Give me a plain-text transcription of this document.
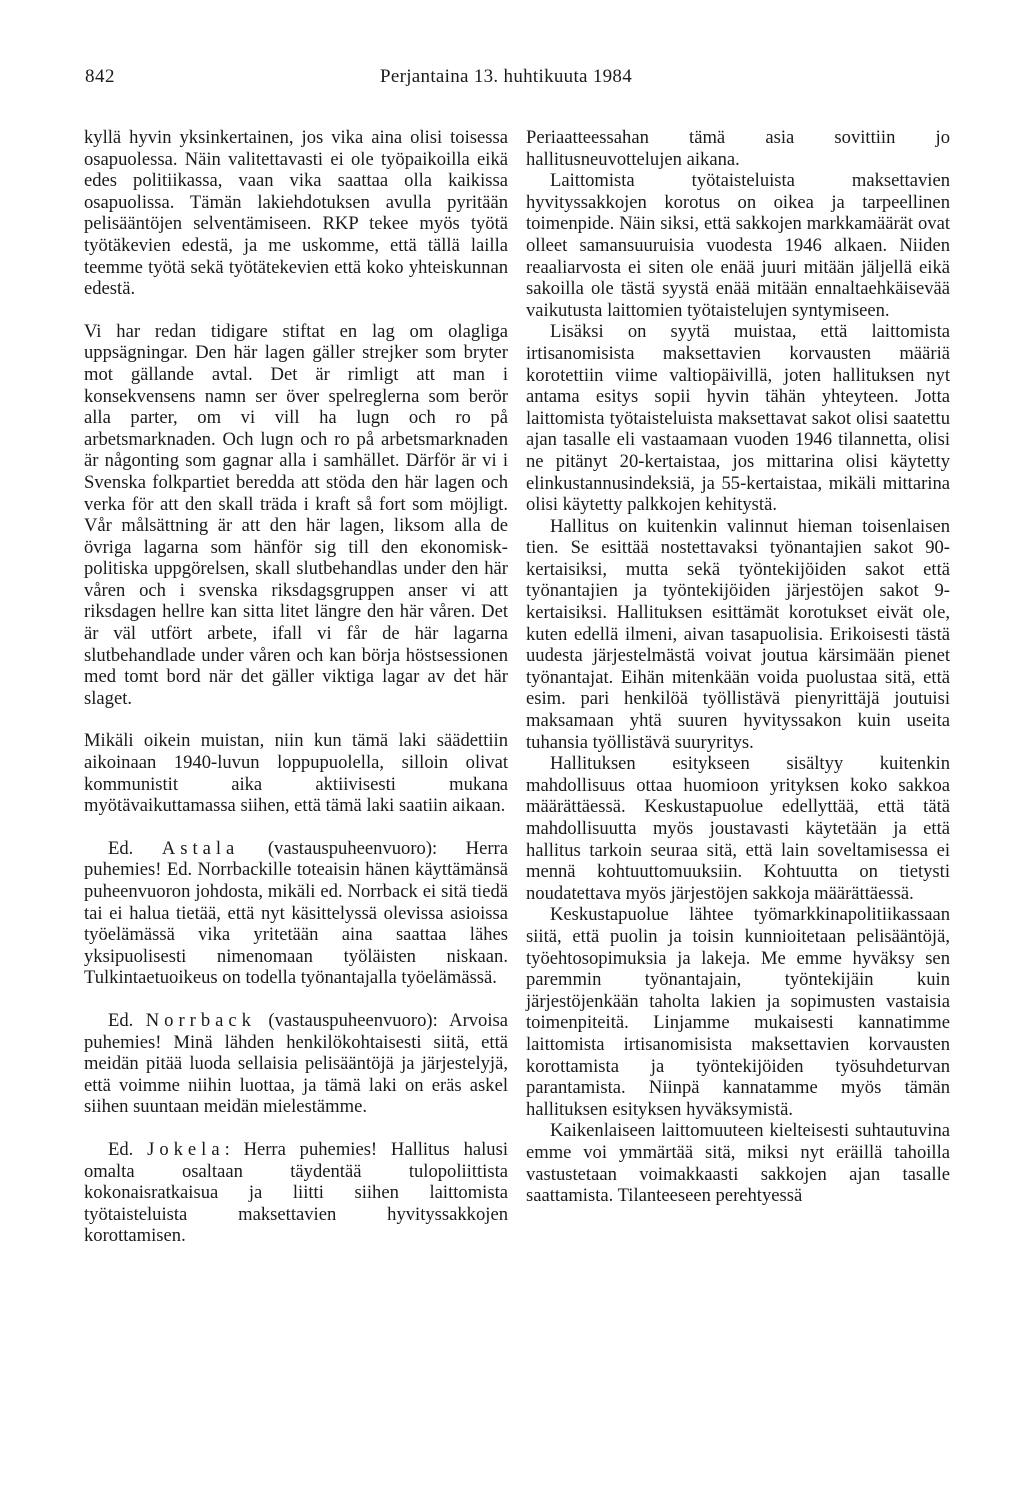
842	Perjantaina 13. huhtikuuta 1984

kyllä hyvin yksinkertainen, jos vika aina olisi toisessa osapuolessa. Näin valitettavasti ei ole työpaikoilla eikä edes politiikassa, vaan vika saattaa olla kaikissa osapuolissa. Tämän lakiehdotuksen avulla pyritään pelisääntöjen selventämiseen. RKP tekee myös työtä työtäkevien edestä, ja me uskomme, että tällä lailla teemme työtä sekä työtätekevien että koko yhteiskunnan edestä.

Vi har redan tidigare stiftat en lag om olagliga uppsägningar. Den här lagen gäller strejker som bryter mot gällande avtal. Det är rimligt att man i konsekvensens namn ser över spelreglerna som berör alla parter, om vi vill ha lugn och ro på arbetsmarknaden. Och lugn och ro på arbetsmarknaden är någonting som gagnar alla i samhället. Därför är vi i Svenska folkpartiet beredda att stöda den här lagen och verka för att den skall träda i kraft så fort som möjligt. Vår målsättning är att den här lagen, liksom alla de övriga lagarna som hänför sig till den ekonomisk-politiska uppgörelsen, skall slutbehandlas under den här våren och i svenska riksdagsgruppen anser vi att riksdagen hellre kan sitta litet längre den här våren. Det är väl utfört arbete, ifall vi får de här lagarna slutbehandlade under våren och kan börja höstsessionen med tomt bord när det gäller viktiga lagar av det här slaget.

Mikäli oikein muistan, niin kun tämä laki säädettiin aikoinaan 1940-luvun loppupuolella, silloin olivat kommunistit aika aktiivisesti mukana myötävaikuttamassa siihen, että tämä laki saatiin aikaan.

Ed. Astala (vastauspuheenvuoro): Herra puhemies! Ed. Norrbackille toteaisin hänen käyttämänsä puheenvuoron johdosta, mikäli ed. Norrback ei sitä tiedä tai ei halua tietää, että nyt käsittelyssä olevissa asioissa työelämässä vika yritetään aina saattaa lähes yksipuolisesti nimenomaan työläisten niskaan. Tulkintaetuoikeus on todella työnantajalla työelämässä.

Ed. Norrback (vastauspuheenvuoro): Arvoisa puhemies! Minä lähden henkilökohtaisesti siitä, että meidän pitää luoda sellaisia pelisääntöjä ja järjestelyjä, että voimme niihin luottaa, ja tämä laki on eräs askel siihen suuntaan meidän mielestämme.

Ed. Jokela: Herra puhemies! Hallitus halusi omalta osaltaan täydentää tulopoliittista kokonaisratkaisua ja liitti siihen laittomista työtaisteluista maksettavien hyvityssakkojen korottamisen.

Periaatteessahan tämä asia sovittiin jo hallitusneuvottelujen aikana.

Laittomista työtaisteluista maksettavien hyvityssakkojen korotus on oikea ja tarpeellinen toimenpide. Näin siksi, että sakkojen markkamäärät ovat olleet samansuuruisia vuodesta 1946 alkaen. Niiden reaaliarvosta ei siten ole enää juuri mitään jäljellä eikä sakoilla ole tästä syystä enää mitään ennaltaehkäisevää vaikutusta laittomien työtaistelujen syntymiseen.

Lisäksi on syytä muistaa, että laittomista irtisanomisista maksettavien korvausten määriä korotettiin viime valtiopäivillä, joten hallituksen nyt antama esitys sopii hyvin tähän yhteyteen. Jotta laittomista työtaisteluista maksettavat sakot olisi saatettu ajan tasalle eli vastaamaan vuoden 1946 tilannetta, olisi ne pitänyt 20-kertaistaa, jos mittarina olisi käytetty elinkustannusindeksiä, ja 55-kertaistaa, mikäli mittarina olisi käytetty palkkojen kehitystä.

Hallitus on kuitenkin valinnut hieman toisenlaisen tien. Se esittää nostettavaksi työnantajien sakot 90-kertaisiksi, mutta sekä työntekijöiden sakot että työnantajien ja työntekijöiden järjestöjen sakot 9-kertaisiksi. Hallituksen esittämät korotukset eivät ole, kuten edellä ilmeni, aivan tasapuolisia. Erikoisesti tästä uudesta järjestelmästä voivat joutua kärsimään pienet työnantajat. Eihän mitenkään voida puolustaa sitä, että esim. pari henkilöä työllistävä pienyrittäjä joutuisi maksamaan yhtä suuren hyvityssakon kuin useita tuhansia työllistävä suuryritys.

Hallituksen esitykseen sisältyy kuitenkin mahdollisuus ottaa huomioon yrityksen koko sakkoa määrättäessä. Keskustapuolue edellyttää, että tätä mahdollisuutta myös joustavasti käytetään ja että hallitus tarkoin seuraa sitä, että lain soveltamisessa ei mennä kohtuuttomuuksiin. Kohtuutta on tietysti noudatettava myös järjestöjen sakkoja määrättäessä.

Keskustapuolue lähtee työmarkkinapolitiikassaan siitä, että puolin ja toisin kunnioitetaan pelisääntöjä, työehtosopimuksia ja lakeja. Me emme hyväksy sen paremmin työnantajain, työntekijäin kuin järjestöjenkään taholta lakien ja sopimusten vastaisia toimenpiteitä. Linjamme mukaisesti kannatimme laittomista irtisanomisista maksettavien korvausten korottamista ja työntekijöiden työsuhdeturvan parantamista. Niinpä kannatamme myös tämän hallituksen esityksen hyväksymistä.

Kaikenlaiseen laittomuuteen kielteisesti suhtautuvina emme voi ymmärtää sitä, miksi nyt eräillä tahoilla vastustetaan voimakkaasti sakkojen ajan tasalle saattamista. Tilanteeseen perehtyessä
